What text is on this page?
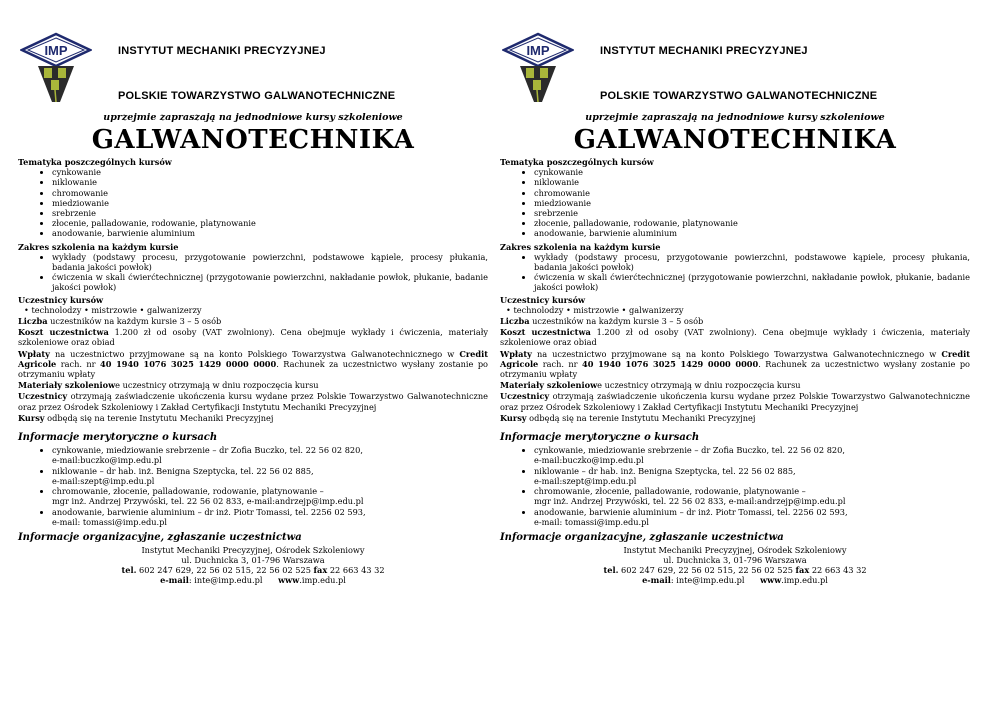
IMP	INSTYTUT MECHANIKI PRECYZYJNEJ
POLSKIE TOWARZYSTWO GALWANOTECHNICZNE
uprzejmie zapraszają na jednodniowe kursy szkoleniowe
GALWANOTECHNIKA
Tematyka poszczególnych kursów
• cynkowanie
• niklowanie
• chromowanie
• miedziowanie
• srebrzenie
• złocenie, palladowanie, rodowanie, platynowanie
• anodowanie, barwienie aluminium
Zakres szkolenia na każdym kursie
• wykłady (podstawy procesu, przygotowanie powierzchni, podstawowe kąpiele, procesy płukania, badania jakości powłok)
• ćwiczenia w skali ćwierćtechnicznej (przygotowanie powierzchni, nakładanie powłok, płukanie, badanie jakości powłok)
Uczestnicy kursów
• technolodzy • mistrzowie • galwanizerzy
Liczba uczestników na każdym kursie 3 – 5 osób
Koszt uczestnictwa 1.200 zł od osoby (VAT zwolniony). Cena obejmuje wykłady i ćwiczenia, materiały szkoleniowe oraz obiad
Wpłaty na uczestnictwo przyjmowane są na konto Polskiego Towarzystwa Galwanotechnicznego w Credit Agricole rach. nr 40 1940 1076 3025 1429 0000 0000. Rachunek za uczestnictwo wysłany zostanie po otrzymaniu wpłaty
Materiały szkoleniowe uczestnicy otrzymają w dniu rozpoczęcia kursu
Uczestnicy otrzymają zaświadczenie ukończenia kursu wydane przez Polskie Towarzystwo Galwanotechniczne oraz przez Ośrodek Szkoleniowy i Zakład Certyfikacji Instytutu Mechaniki Precyzyjnej
Kursy odbędą się na terenie Instytutu Mechaniki Precyzyjnej
Informacje merytoryczne o kursach
• cynkowanie, miedziowanie srebrzenie – dr Zofia Buczko, tel. 22 56 02 820,
e-mail:buczko@imp.edu.pl
• niklowanie – dr hab. inż. Benigna Szeptycka, tel. 22 56 02 885,
e-mail:szept@imp.edu.pl
• chromowanie, złocenie, palladowanie, rodowanie, platynowanie –
mgr inż. Andrzej Przywóski, tel. 22 56 02 833, e-mail:andrzejp@imp.edu.pl
• anodowanie, barwienie aluminium – dr inż. Piotr Tomassi, tel. 2256 02 593,
e-mail: tomassi@imp.edu.pl
Informacje organizacyjne, zgłaszanie uczestnictwa
Instytut Mechaniki Precyzyjnej, Ośrodek Szkoleniowy
ul. Duchnicka 3, 01-796 Warszawa
tel. 602 247 629, 22 56 02 515, 22 56 02 525 fax 22 663 43 32
e-mail: inte@imp.edu.pl www.imp.edu.pl
IMP	INSTYTUT MECHANIKI PRECYZYJNEJ
POLSKIE TOWARZYSTWO GALWANOTECHNICZNE
uprzejmie zapraszają na jednodniowe kursy szkoleniowe
GALWANOTECHNIKA
Tematyka poszczególnych kursów
• cynkowanie
• niklowanie
• chromowanie
• miedziowanie
• srebrzenie
• złocenie, palladowanie, rodowanie, platynowanie
• anodowanie, barwienie aluminium
Zakres szkolenia na każdym kursie
• wykłady (podstawy procesu, przygotowanie powierzchni, podstawowe kąpiele, procesy płukania, badania jakości powłok)
• ćwiczenia w skali ćwierćtechnicznej (przygotowanie powierzchni, nakładanie powłok, płukanie, badanie jakości powłok)
Uczestnicy kursów
• technolodzy • mistrzowie • galwanizerzy
Liczba uczestników na każdym kursie 3 – 5 osób
Koszt uczestnictwa 1.200 zł od osoby (VAT zwolniony). Cena obejmuje wykłady i ćwiczenia, materiały szkoleniowe oraz obiad
Wpłaty na uczestnictwo przyjmowane są na konto Polskiego Towarzystwa Galwanotechnicznego w Credit Agricole rach. nr 40 1940 1076 3025 1429 0000 0000. Rachunek za uczestnictwo wysłany zostanie po otrzymaniu wpłaty
Materiały szkoleniowe uczestnicy otrzymają w dniu rozpoczęcia kursu
Uczestnicy otrzymają zaświadczenie ukończenia kursu wydane przez Polskie Towarzystwo Galwanotechniczne oraz przez Ośrodek Szkoleniowy i Zakład Certyfikacji Instytutu Mechaniki Precyzyjnej
Kursy odbędą się na terenie Instytutu Mechaniki Precyzyjnej
Informacje merytoryczne o kursach
• cynkowanie, miedziowanie srebrzenie – dr Zofia Buczko, tel. 22 56 02 820,
e-mail:buczko@imp.edu.pl
• niklowanie – dr hab. inż. Benigna Szeptycka, tel. 22 56 02 885,
e-mail:szept@imp.edu.pl
• chromowanie, złocenie, palladowanie, rodowanie, platynowanie –
mgr inż. Andrzej Przywóski, tel. 22 56 02 833, e-mail:andrzejp@imp.edu.pl
• anodowanie, barwienie aluminium – dr inż. Piotr Tomassi, tel. 2256 02 593,
e-mail: tomassi@imp.edu.pl
Informacje organizacyjne, zgłaszanie uczestnictwa
Instytut Mechaniki Precyzyjnej, Ośrodek Szkoleniowy
ul. Duchnicka 3, 01-796 Warszawa
tel. 602 247 629, 22 56 02 515, 22 56 02 525 fax 22 663 43 32
e-mail: inte@imp.edu.pl www.imp.edu.pl
